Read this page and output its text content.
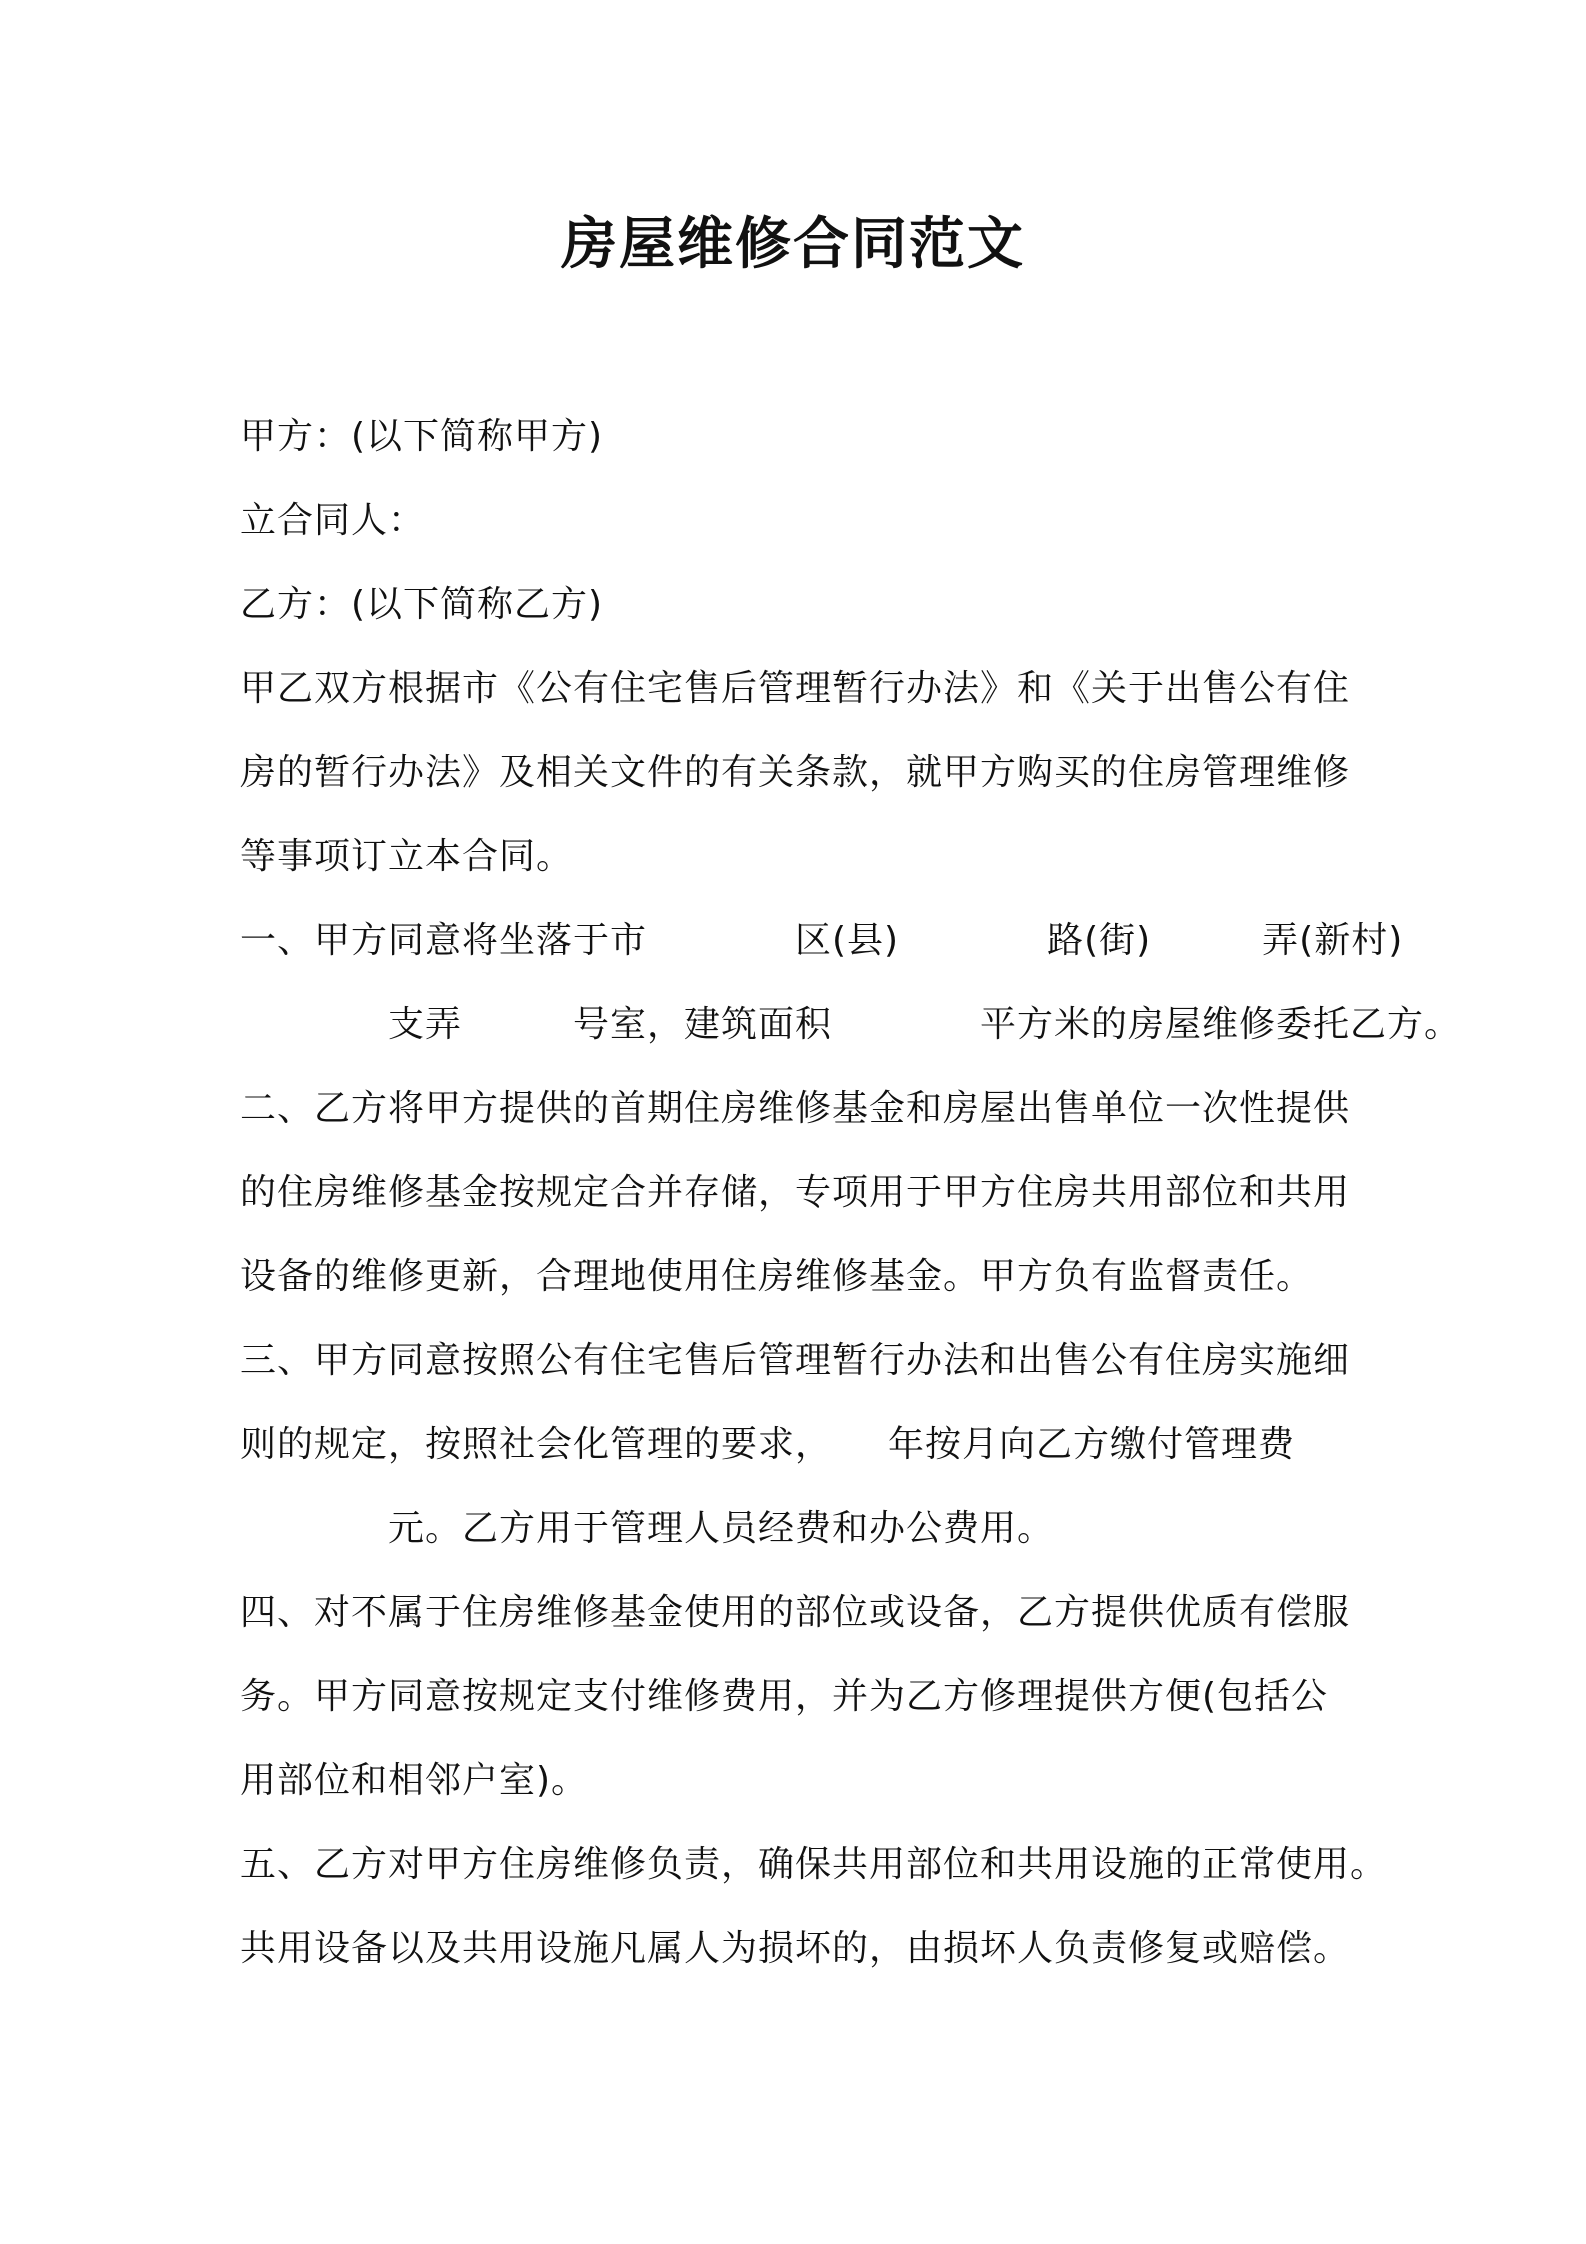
房屋维修合同范文
甲方：(以下简称甲方)
立合同人：
乙方：(以下简称乙方)
甲乙双方根据市《公有住宅售后管理暂行办法》和《关于出售公有住
房的暂行办法》及相关文件的有关条款，就甲方购买的住房管理维修
等事项订立本合同。
一、甲方同意将坐落于市　　　　区(县)　　　　路(街)　　　弄(新村)
　　　　支弄　　　号室，建筑面积　　　　平方米的房屋维修委托乙方。
二、乙方将甲方提供的首期住房维修基金和房屋出售单位一次性提供
的住房维修基金按规定合并存储，专项用于甲方住房共用部位和共用
设备的维修更新，合理地使用住房维修基金。甲方负有监督责任。
三、甲方同意按照公有住宅售后管理暂行办法和出售公有住房实施细
则的规定，按照社会化管理的要求，　　年按月向乙方缴付管理费
　　　　元。乙方用于管理人员经费和办公费用。
四、对不属于住房维修基金使用的部位或设备，乙方提供优质有偿服
务。甲方同意按规定支付维修费用，并为乙方修理提供方便(包括公
用部位和相邻户室)。
五、乙方对甲方住房维修负责，确保共用部位和共用设施的正常使用。
共用设备以及共用设施凡属人为损坏的，由损坏人负责修复或赔偿。
